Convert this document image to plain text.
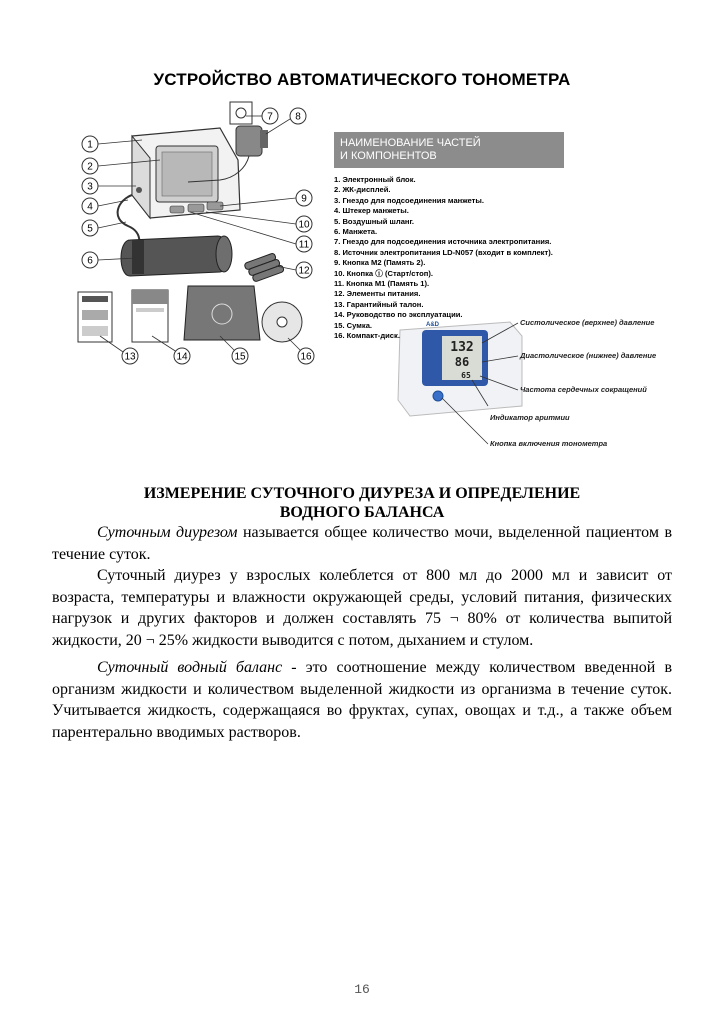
УСТРОЙСТВО АВТОМАТИЧЕСКОГО ТОНОМЕТРА
1
2
3
4
5
6
7 8
9
10
11
12
13	14	15	16
132
86
65
A&D	Систолическое (верхнее) давление
Диастолическое (нижнее) давление
Частота сердечных сокращений
Индикатор аритмии
Кнопка включения тонометра
НАИМЕНОВАНИЕ ЧАСТЕЙ
И КОМПОНЕНТОВ
1. Электронный блок.
2. ЖК-дисплей.
3. Гнездо для подсоединения манжеты.
4. Штекер манжеты.
5. Воздушный шланг.
6. Манжета.
7. Гнездо для подсоединения источника электропитания.
8. Источник электропитания LD-N057 (входит в комплект).
9. Кнопка M2 (Память 2).
10. Кнопка ⓘ (Старт/стоп).
11. Кнопка M1 (Память 1).
12. Элементы питания.
13. Гарантийный талон.
14. Руководство по эксплуатации.
15. Сумка.
16. Компакт-диск.
ИЗМЕРЕНИЕ СУТОЧНОГО ДИУРЕЗА И ОПРЕДЕЛЕНИЕ
ВОДНОГО БАЛАНСА

Суточным диурезом называется общее количество мочи, выделенной пациентом в течение суток.

Суточный диурез у взрослых колеблется от 800 мл до 2000 мл и зависит от возраста, температуры и влажности окружающей среды, условий питания, физических нагрузок и других факторов и должен составлять 75 ¬ 80% от количества выпитой жидкости, 20 ¬ 25% жидкости выводится с потом, дыханием и стулом.

Суточный водный баланс - это соотношение между количеством введенной в организм жидкости и количеством выделенной жидкости из организма в течение суток. Учитывается жидкость, содержащаяся во фруктах, супах, овощах и т.д., а также объем парентерально вводимых растворов.

16
